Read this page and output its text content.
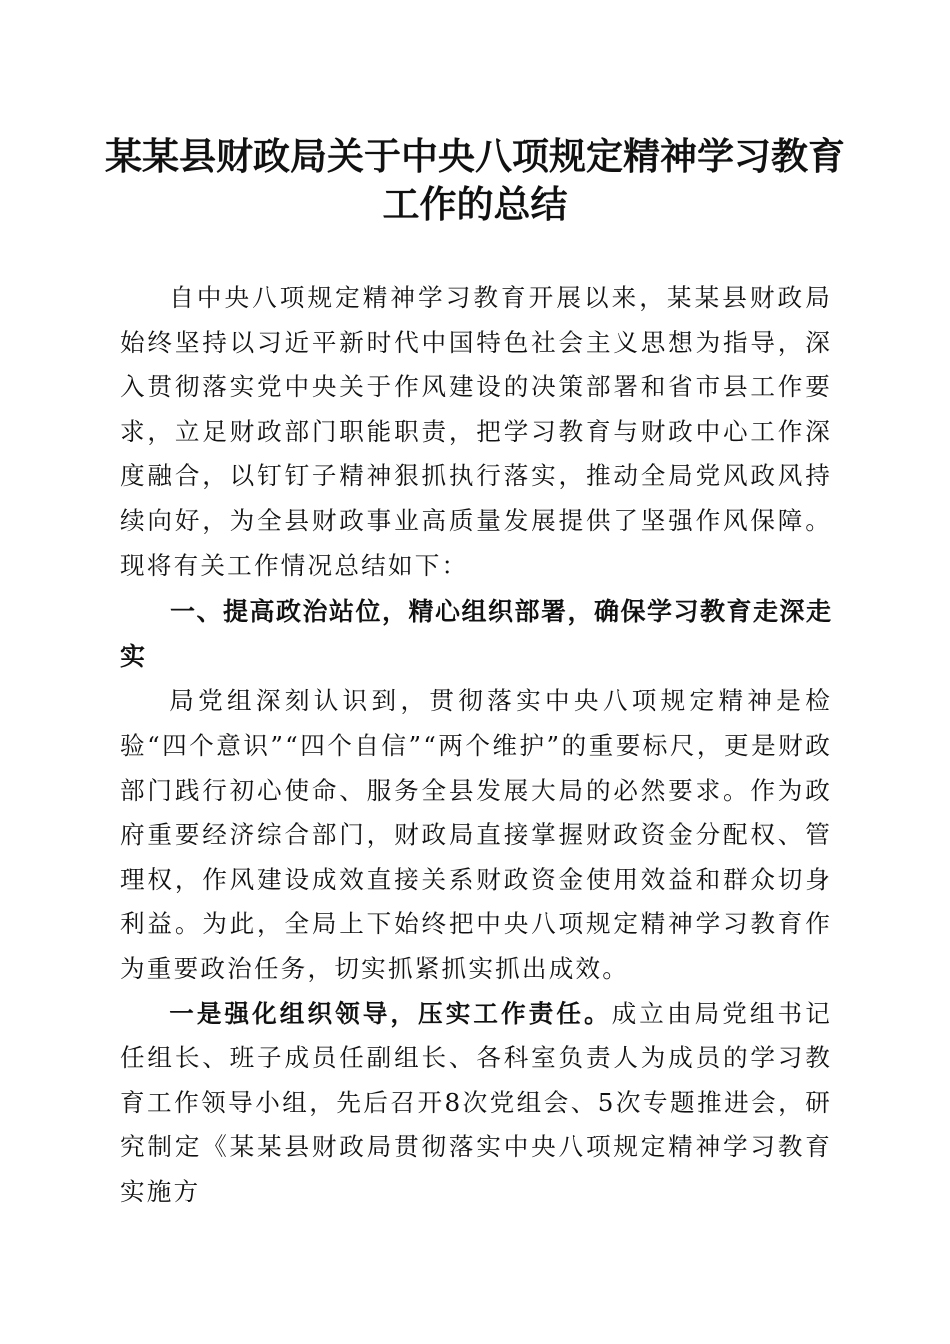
某某县财政局关于中央八项规定精神学习教育
工作的总结

自中央八项规定精神学习教育开展以来，某某县财政局始终坚持以习近平新时代中国特色社会主义思想为指导，深入贯彻落实党中央关于作风建设的决策部署和省市县工作要求，立足财政部门职能职责，把学习教育与财政中心工作深度融合，以钉钉子精神狠抓执行落实，推动全局党风政风持续向好，为全县财政事业高质量发展提供了坚强作风保障。现将有关工作情况总结如下：

一、提高政治站位，精心组织部署，确保学习教育走深走实

局党组深刻认识到，贯彻落实中央八项规定精神是检验“四个意识”“四个自信”“两个维护”的重要标尺，更是财政部门践行初心使命、服务全县发展大局的必然要求。作为政府重要经济综合部门，财政局直接掌握财政资金分配权、管理权，作风建设成效直接关系财政资金使用效益和群众切身利益。为此，全局上下始终把中央八项规定精神学习教育作为重要政治任务，切实抓紧抓实抓出成效。

一是强化组织领导，压实工作责任。成立由局党组书记任组长、班子成员任副组长、各科室负责人为成员的学习教育工作领导小组，先后召开8次党组会、5次专题推进会，研究制定《某某县财政局贯彻落实中央八项规定精神学习教育实施方
